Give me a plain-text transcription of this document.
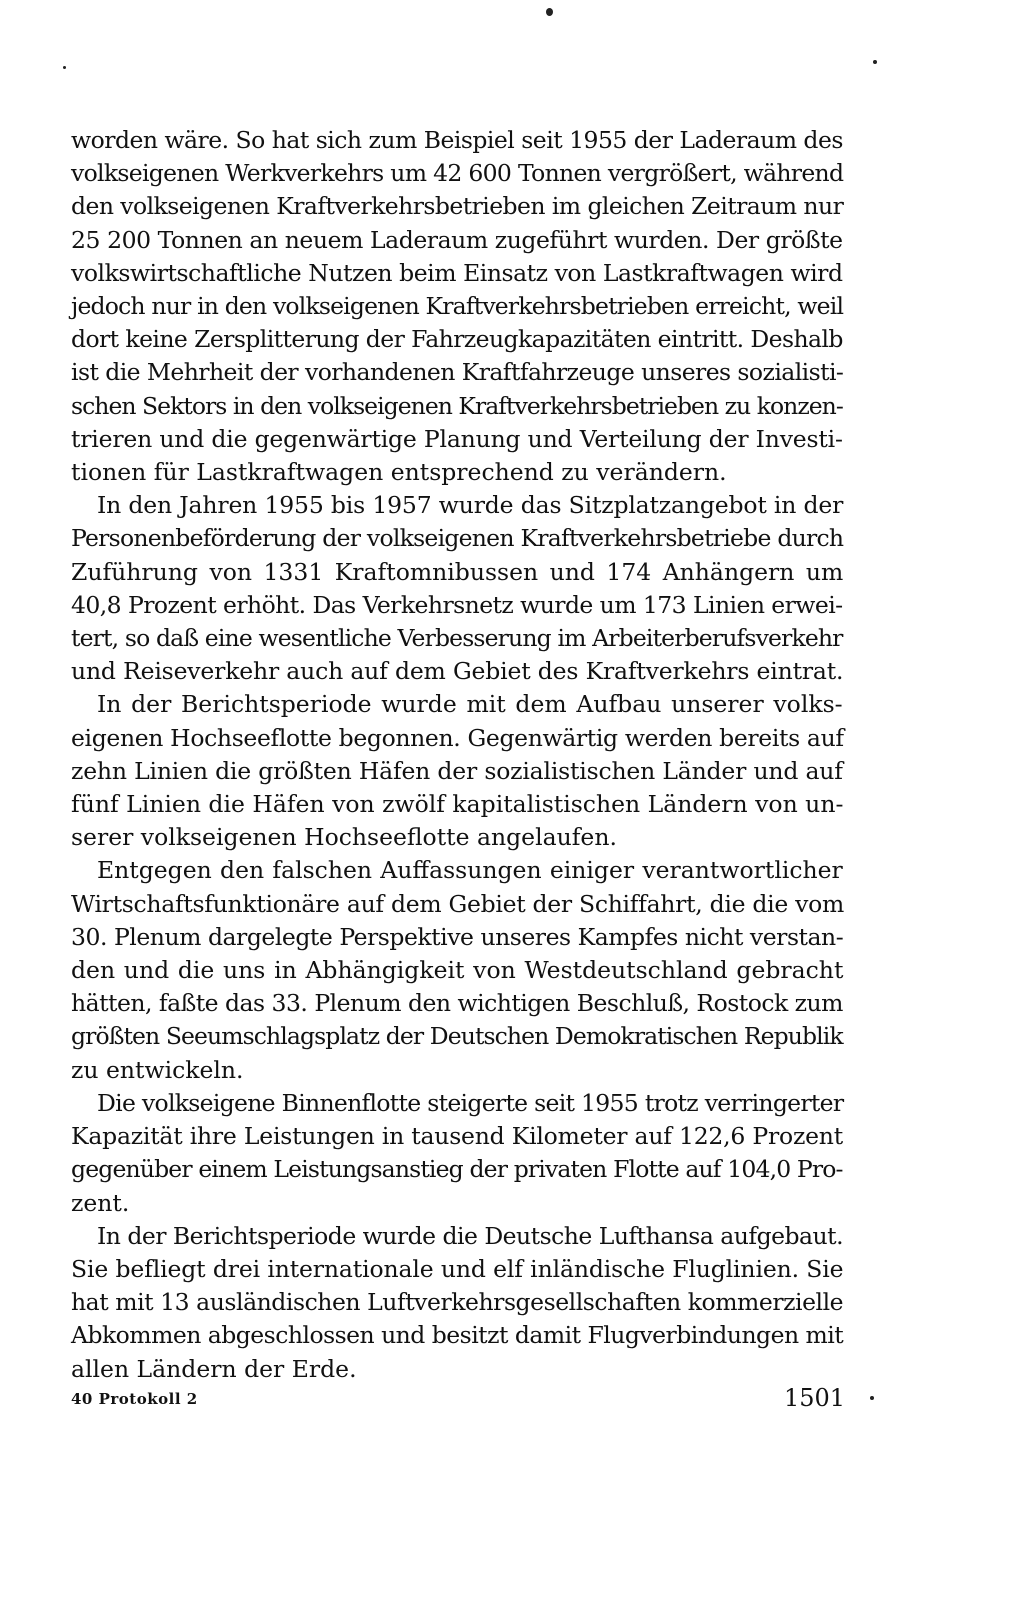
worden wäre. So hat sich zum Beispiel seit 1955 der Laderaum des
volkseigenen Werkverkehrs um 42 600 Tonnen vergrößert, während
den volkseigenen Kraftverkehrsbetrieben im gleichen Zeitraum nur
25 200 Tonnen an neuem Laderaum zugeführt wurden. Der größte
volkswirtschaftliche Nutzen beim Einsatz von Lastkraftwagen wird
jedoch nur in den volkseigenen Kraftverkehrsbetrieben erreicht, weil
dort keine Zersplitterung der Fahrzeugkapazitäten eintritt. Deshalb
ist die Mehrheit der vorhandenen Kraftfahrzeuge unseres sozialisti-
schen Sektors in den volkseigenen Kraftverkehrsbetrieben zu konzen-
trieren und die gegenwärtige Planung und Verteilung der Investi-
tionen für Lastkraftwagen entsprechend zu verändern.

In den Jahren 1955 bis 1957 wurde das Sitzplatzangebot in der
Personenbeförderung der volkseigenen Kraftverkehrsbetriebe durch
Zuführung von 1331 Kraftomnibussen und 174 Anhängern um
40,8 Prozent erhöht. Das Verkehrsnetz wurde um 173 Linien erwei-
tert, so daß eine wesentliche Verbesserung im Arbeiterberufsverkehr
und Reiseverkehr auch auf dem Gebiet des Kraftverkehrs eintrat.

In der Berichtsperiode wurde mit dem Aufbau unserer volks-
eigenen Hochseeflotte begonnen. Gegenwärtig werden bereits auf
zehn Linien die größten Häfen der sozialistischen Länder und auf
fünf Linien die Häfen von zwölf kapitalistischen Ländern von un-
serer volkseigenen Hochseeflotte angelaufen.

Entgegen den falschen Auffassungen einiger verantwortlicher
Wirtschaftsfunktionäre auf dem Gebiet der Schiffahrt, die die vom
30. Plenum dargelegte Perspektive unseres Kampfes nicht verstan-
den und die uns in Abhängigkeit von Westdeutschland gebracht
hätten, faßte das 33. Plenum den wichtigen Beschluß, Rostock zum
größten Seeumschlagsplatz der Deutschen Demokratischen Republik
zu entwickeln.

Die volkseigene Binnenflotte steigerte seit 1955 trotz verringerter
Kapazität ihre Leistungen in tausend Kilometer auf 122,6 Prozent
gegenüber einem Leistungsanstieg der privaten Flotte auf 104,0 Pro-
zent.

In der Berichtsperiode wurde die Deutsche Lufthansa aufgebaut.
Sie befliegt drei internationale und elf inländische Fluglinien. Sie
hat mit 13 ausländischen Luftverkehrsgesellschaften kommerzielle
Abkommen abgeschlossen und besitzt damit Flugverbindungen mit
allen Ländern der Erde.

40 Protokoll 2	1501
